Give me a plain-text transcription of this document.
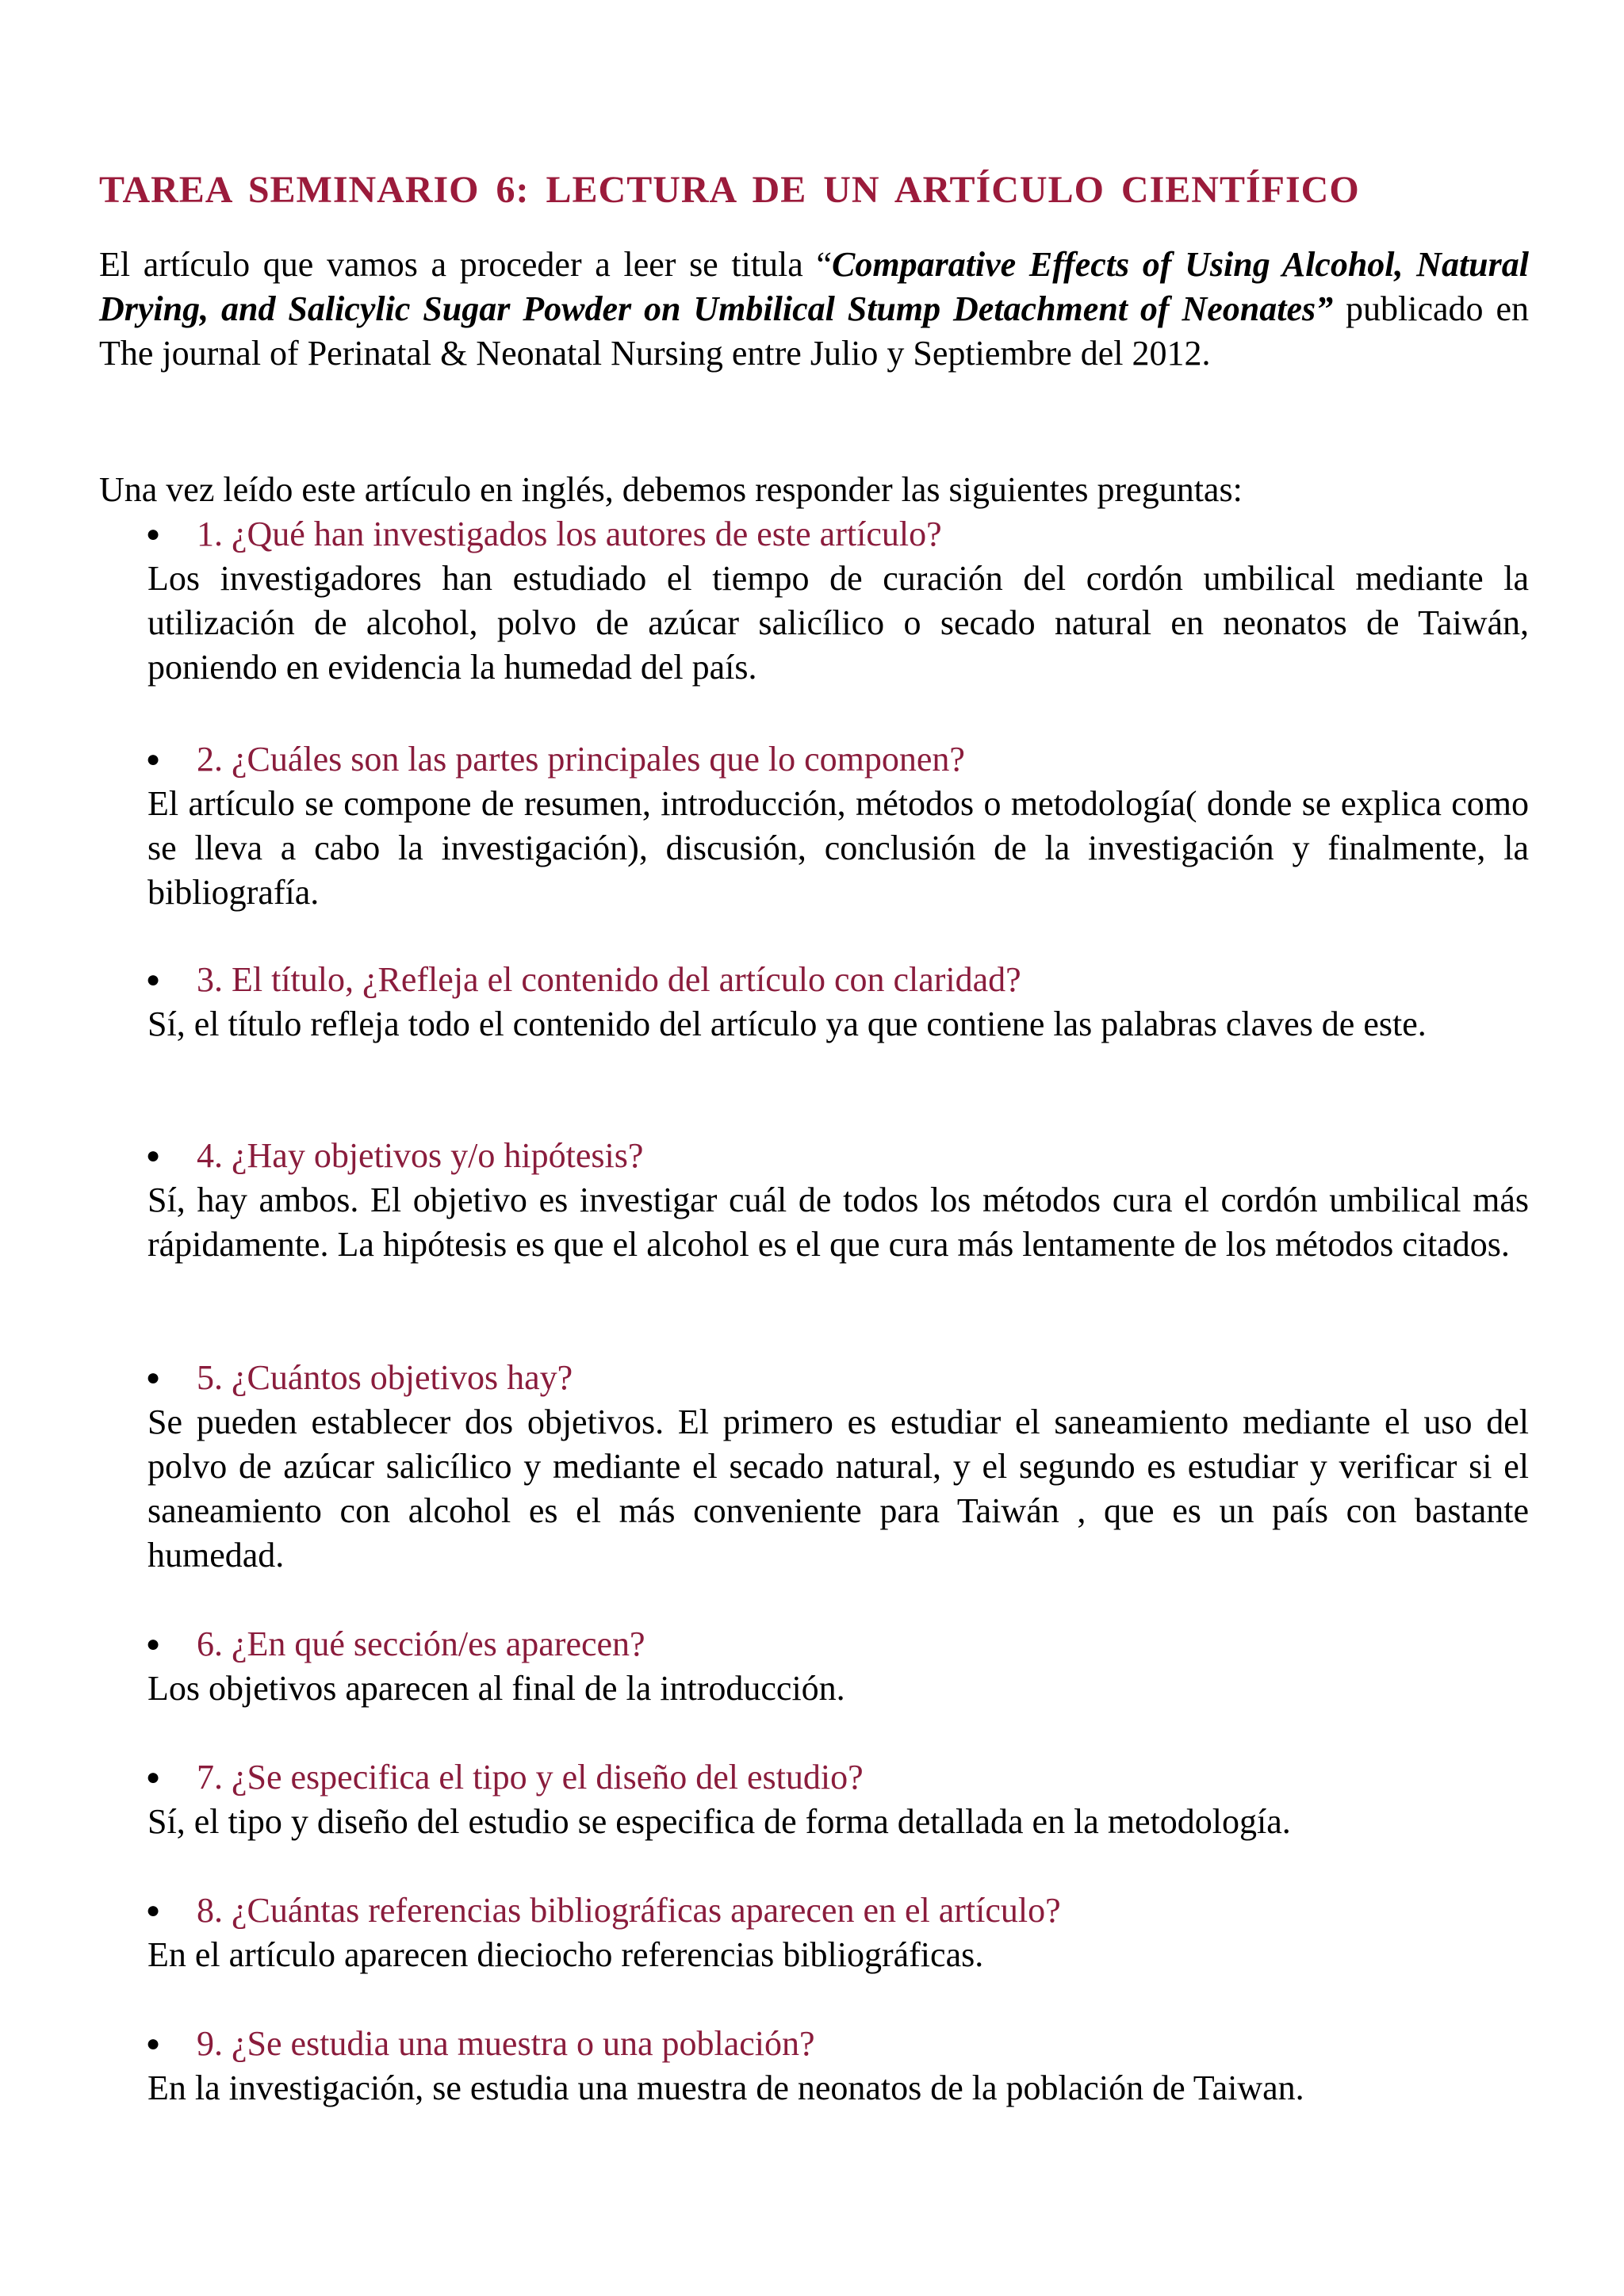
TAREA SEMINARIO 6: LECTURA DE UN ARTÍCULO CIENTÍFICO

El artículo que vamos a proceder a leer se titula “Comparative Effects of Using Alcohol, Natural Drying, and Salicylic Sugar Powder on Umbilical Stump Detachment of Neonates” publicado en The journal of Perinatal & Neonatal Nursing entre Julio y Septiembre del 2012.

Una vez leído este artículo en inglés, debemos responder las siguientes preguntas:

●	1. ¿Qué han investigados los autores de este artículo?

Los investigadores han estudiado el tiempo de curación del cordón umbilical mediante la utilización de alcohol, polvo de azúcar salicílico o secado natural en neonatos de Taiwán, poniendo en evidencia la humedad del país.

●	2. ¿Cuáles son las partes principales que lo componen?

El artículo se compone de resumen, introducción, métodos o metodología( donde se explica como se lleva a cabo la investigación), discusión, conclusión de la investigación y finalmente, la bibliografía.

●	3. El título, ¿Refleja el contenido del artículo con claridad?

Sí, el título refleja todo el contenido del artículo ya que contiene las palabras claves de este.

●	4. ¿Hay objetivos y/o hipótesis?

Sí, hay ambos. El objetivo es investigar cuál de todos los métodos cura el cordón umbilical más rápidamente. La hipótesis es que el alcohol es el que cura más lentamente de los métodos citados.

●	5. ¿Cuántos objetivos hay?

Se pueden establecer dos objetivos. El primero es estudiar el saneamiento mediante el uso del polvo de azúcar salicílico y mediante el secado natural, y el segundo es estudiar y verificar si el saneamiento con alcohol es el más conveniente para Taiwán , que es un país con bastante humedad.

●	6. ¿En qué sección/es aparecen?

Los objetivos aparecen al final de la introducción.

●	7. ¿Se especifica el tipo y el diseño del estudio?

Sí, el tipo y diseño del estudio se especifica de forma detallada en la metodología.

●	8. ¿Cuántas referencias bibliográficas aparecen en el artículo?

En el artículo aparecen dieciocho referencias bibliográficas.

●	9. ¿Se estudia una muestra o una población?

En la investigación, se estudia una muestra de neonatos de la población de Taiwan.
